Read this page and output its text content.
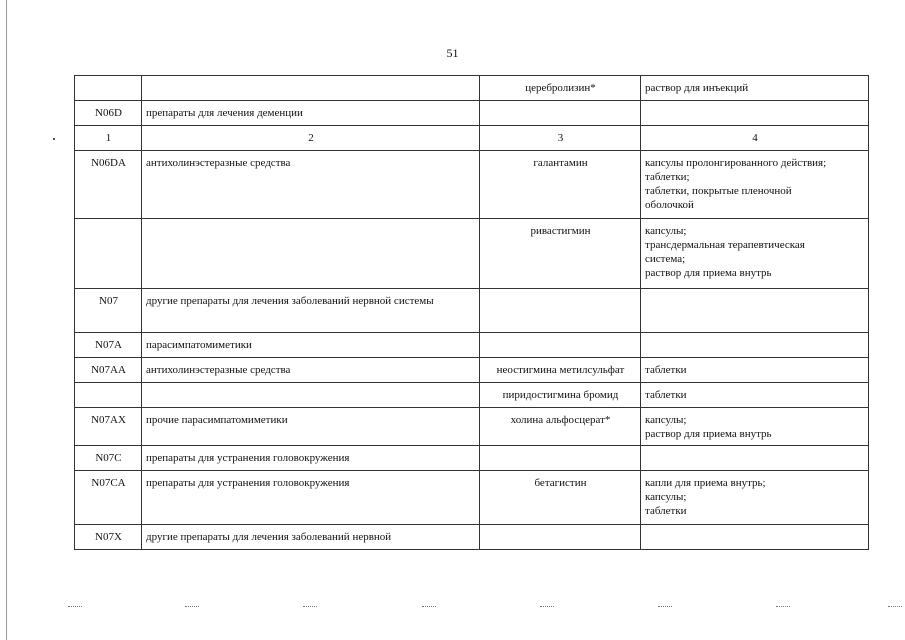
51
		церебролизин*	раствор для инъекций

N06D	препараты для лечения деменции		
1	2	3	4

N06DA	антихолинэстеразные средства	галантамин	капсулы пролонгированного действия;
таблетки;
таблетки, покрытые пленочной
оболочкой

		ривастигмин	капсулы;
трансдермальная терапевтическая
система;
раствор для приема внутрь

N07	другие препараты для лечения заболеваний нервной системы		
N07A	парасимпатомиметики		
N07AA	антихолинэстеразные средства	неостигмина метилсульфат	таблетки

		пиридостигмина бромид	таблетки

N07AX	прочие парасимпатомиметики	холина альфосцерат*	капсулы;
раствор для приема внутрь

N07C	препараты для устранения головокружения		
N07CA	препараты для устранения головокружения	бетагистин	капли для приема внутрь;
капсулы;
таблетки

N07X	другие препараты для лечения заболеваний нервной		
